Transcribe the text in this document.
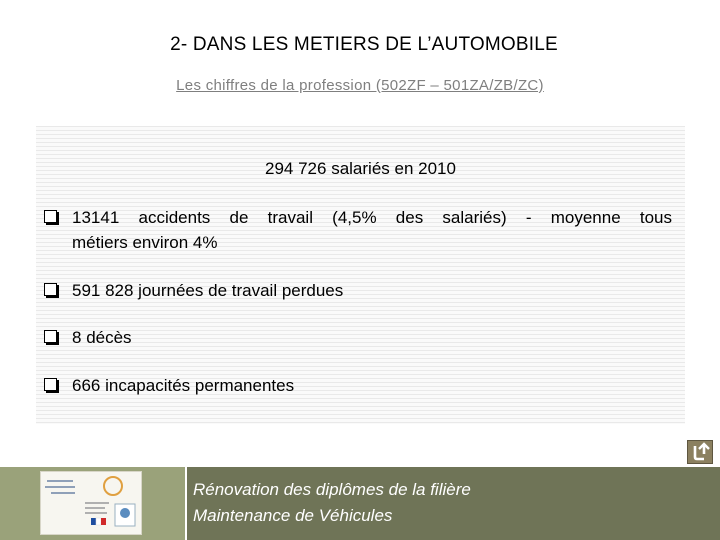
2- DANS LES METIERS DE L’AUTOMOBILE
Les chiffres de la profession (502ZF – 501ZA/ZB/ZC)
294 726 salariés en 2010
13141 accidents de travail (4,5% des salariés) - moyenne tous
métiers environ 4%
591 828 journées de travail perdues
8 décès
666 incapacités permanentes
Rénovation des diplômes de la filière
Maintenance de Véhicules
